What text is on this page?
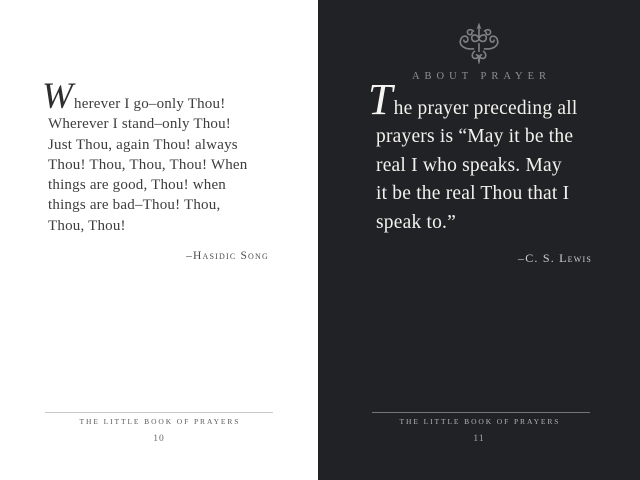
Wherever I go–only Thou!
Wherever I stand–only Thou!
Just Thou, again Thou! always
Thou! Thou, Thou, Thou! When
things are good, Thou! when
things are bad–Thou! Thou,
Thou, Thou!
–Hasidic Song
THE LITTLE BOOK OF PRAYERS
10
ABOUT PRAYER
The prayer preceding all
prayers is “May it be the
real I who speaks. May
it be the real Thou that I
speak to.”
–C. S. Lewis
THE LITTLE BOOK OF PRAYERS
11
